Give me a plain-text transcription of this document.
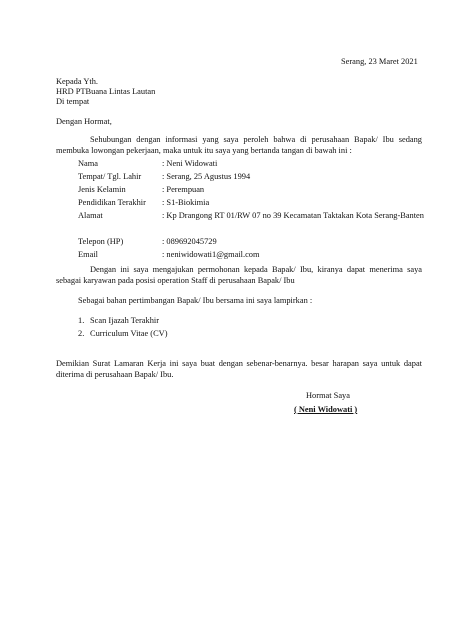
Serang, 23 Maret 2021
Kepada Yth.
HRD PTBuana Lintas Lautan
Di tempat
Dengan Hormat,
Sehubungan dengan informasi yang saya peroleh bahwa di perusahaan Bapak/ Ibu sedang membuka lowongan pekerjaan, maka untuk itu saya yang bertanda tangan di bawah ini :
Nama	: Neni Widowati
Tempat/ Tgl. Lahir : Serang, 25 Agustus 1994
Jenis Kelamin	: Perempuan
Pendidikan Terakhir : S1-Biokimia
Alamat	: Kp Drangong RT 01/RW 07 no 39 Kecamatan Taktakan Kota Serang-Banten
Telepon (HP)	: 089692045729
Email	: neniwidowati1@gmail.com
Dengan ini saya mengajukan permohonan kepada Bapak/ Ibu, kiranya dapat menerima saya sebagai karyawan pada posisi operation Staff di perusahaan Bapak/ Ibu
Sebagai bahan pertimbangan Bapak/ Ibu bersama ini saya lampirkan :
1. Scan Ijazah Terakhir
2. Curriculum Vitae (CV)
Demikian Surat Lamaran Kerja ini saya buat dengan sebenar-benarnya. besar harapan saya untuk dapat diterima di perusahaan Bapak/ Ibu.
Hormat Saya
( Neni Widowati )
